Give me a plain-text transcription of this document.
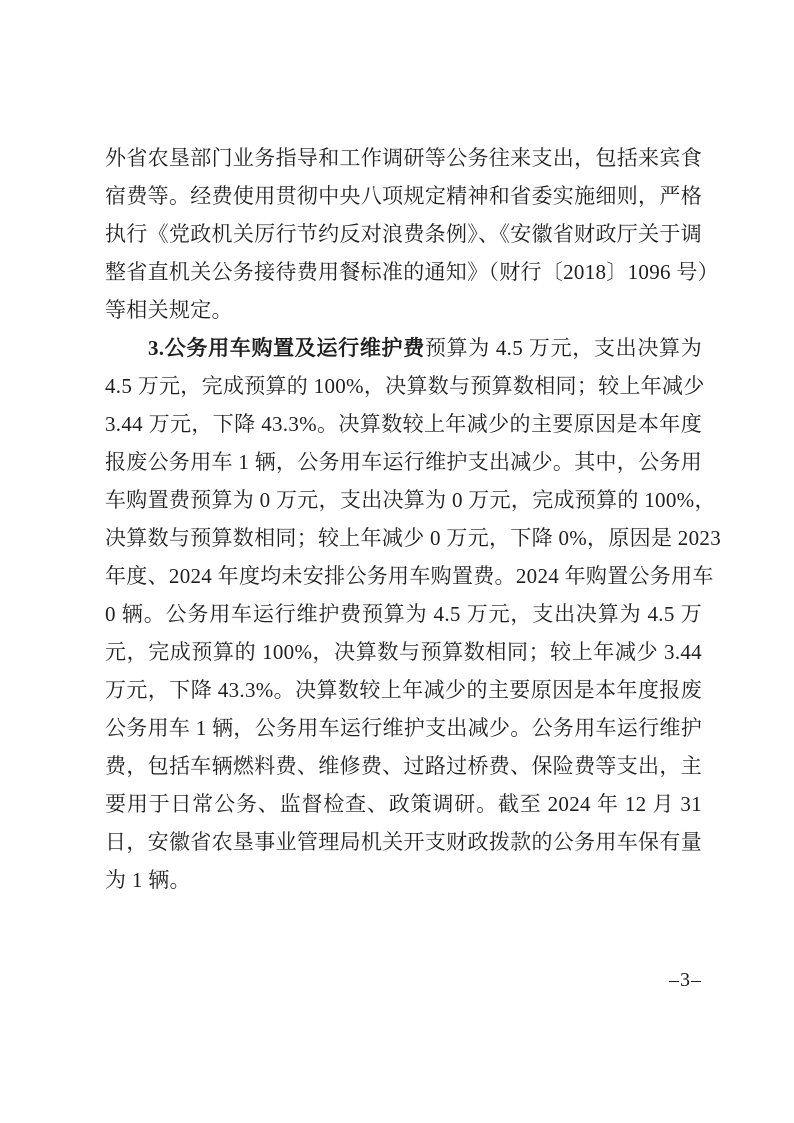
外省农垦部门业务指导和工作调研等公务往来支出，包括来宾食
宿费等。经费使用贯彻中央八项规定精神和省委实施细则，严格
执行《党政机关厉行节约反对浪费条例》、《安徽省财政厅关于调
整省直机关公务接待费用餐标准的通知》（财行〔2018〕1096 号）
等相关规定。
3.公务用车购置及运行维护费预算为 4.5 万元，支出决算为
4.5 万元，完成预算的 100%，决算数与预算数相同；较上年减少
3.44 万元，下降 43.3%。决算数较上年减少的主要原因是本年度
报废公务用车 1 辆，公务用车运行维护支出减少。其中，公务用
车购置费预算为 0 万元，支出决算为 0 万元，完成预算的 100%，
决算数与预算数相同；较上年减少 0 万元，下降 0%，原因是 2023
年度、2024 年度均未安排公务用车购置费。2024 年购置公务用车
0 辆。公务用车运行维护费预算为 4.5 万元，支出决算为 4.5 万
元，完成预算的 100%，决算数与预算数相同；较上年减少 3.44
万元，下降 43.3%。决算数较上年减少的主要原因是本年度报废
公务用车 1 辆，公务用车运行维护支出减少。公务用车运行维护
费，包括车辆燃料费、维修费、过路过桥费、保险费等支出，主
要用于日常公务、监督检查、政策调研。截至 2024 年 12 月 31
日，安徽省农垦事业管理局机关开支财政拨款的公务用车保有量
为 1 辆。
–3–
